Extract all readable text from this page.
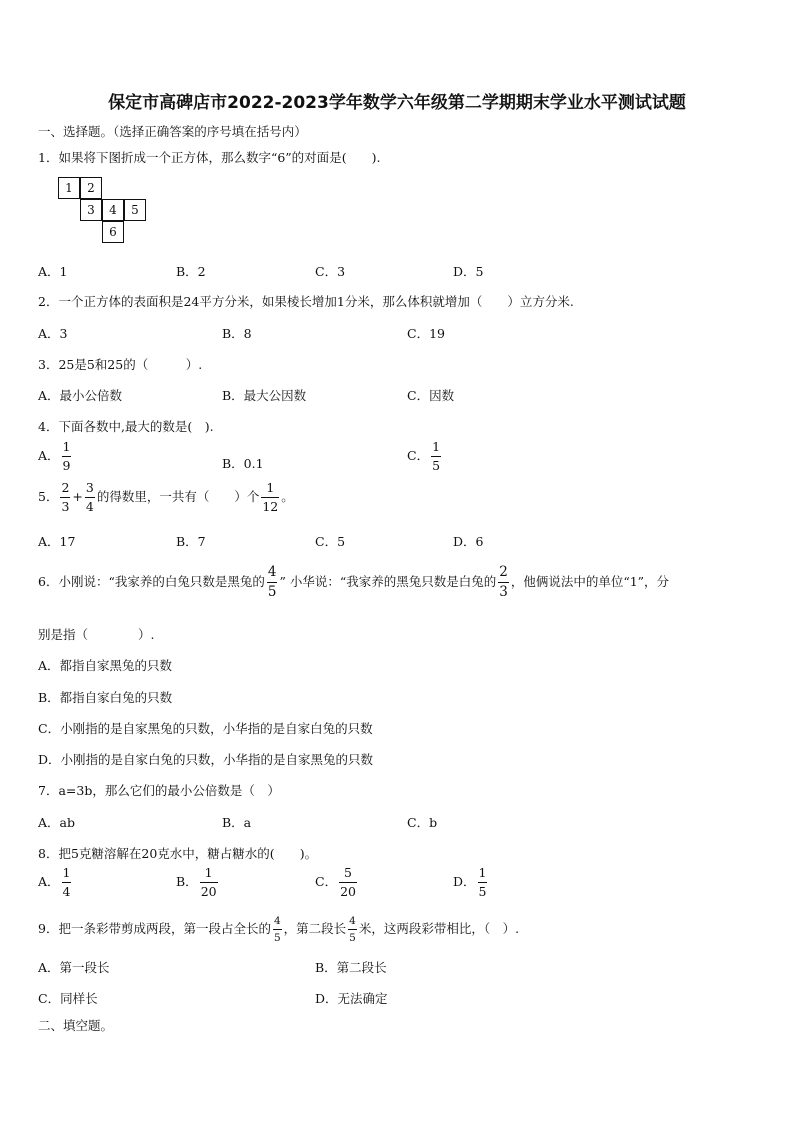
保定市高碑店市2022-2023学年数学六年级第二学期期末学业水平测试试题
一、选择题。（选择正确答案的序号填在括号内）
1．如果将下图折成一个正方体，那么数字“6”的对面是(　　).
1	2
3	4	5
6
A．1	B．2	C．3	D．5
2．一个正方体的表面积是24平方分米，如果棱长增加1分米，那么体积就增加（　　）立方分米.
A．3	B．8	C．19
3．25是5和25的（　　　）.
A．最小公倍数	B．最大公因数	C．因数
4．下面各数中,最大的数是(　).
A． $\frac{1}{9}$	B．0.1
C． $\frac{1}{5}$
5． $\frac{2}{3} + \frac{3}{4}$ 的得数里，一共有（　　）个 $\frac{1}{12}$ 。
A．17	B．7	C．5	D．6
6．小刚说：“我家养的白兔只数是黑兔的 $\frac{4}{5}$ ” 小华说：“我家养的黑兔只数是白兔的 $\frac{2}{3}$ ，他俩说法中的单位“1”，分
别是指（　　　　）.
A．都指自家黑兔的只数
B．都指自家白兔的只数
C．小刚指的是自家黑兔的只数，小华指的是自家白兔的只数
D．小刚指的是自家白兔的只数，小华指的是自家黑兔的只数
7．a=3b，那么它们的最小公倍数是（　）
A．ab	B．a	C．b
8．把5克糖溶解在20克水中，糖占糖水的(　　)。
A． $\frac{1}{4}$	B． $\frac{1}{20}$	C． $\frac{5}{20}$	D． $\frac{1}{5}$
9．把一条彩带剪成两段，第一段占全长的 $\frac{4}{5}$ ，第二段长 $\frac{4}{5}$ 米，这两段彩带相比，（　）.
A．第一段长	B．第二段长
C．同样长	D．无法确定
二、填空题。
